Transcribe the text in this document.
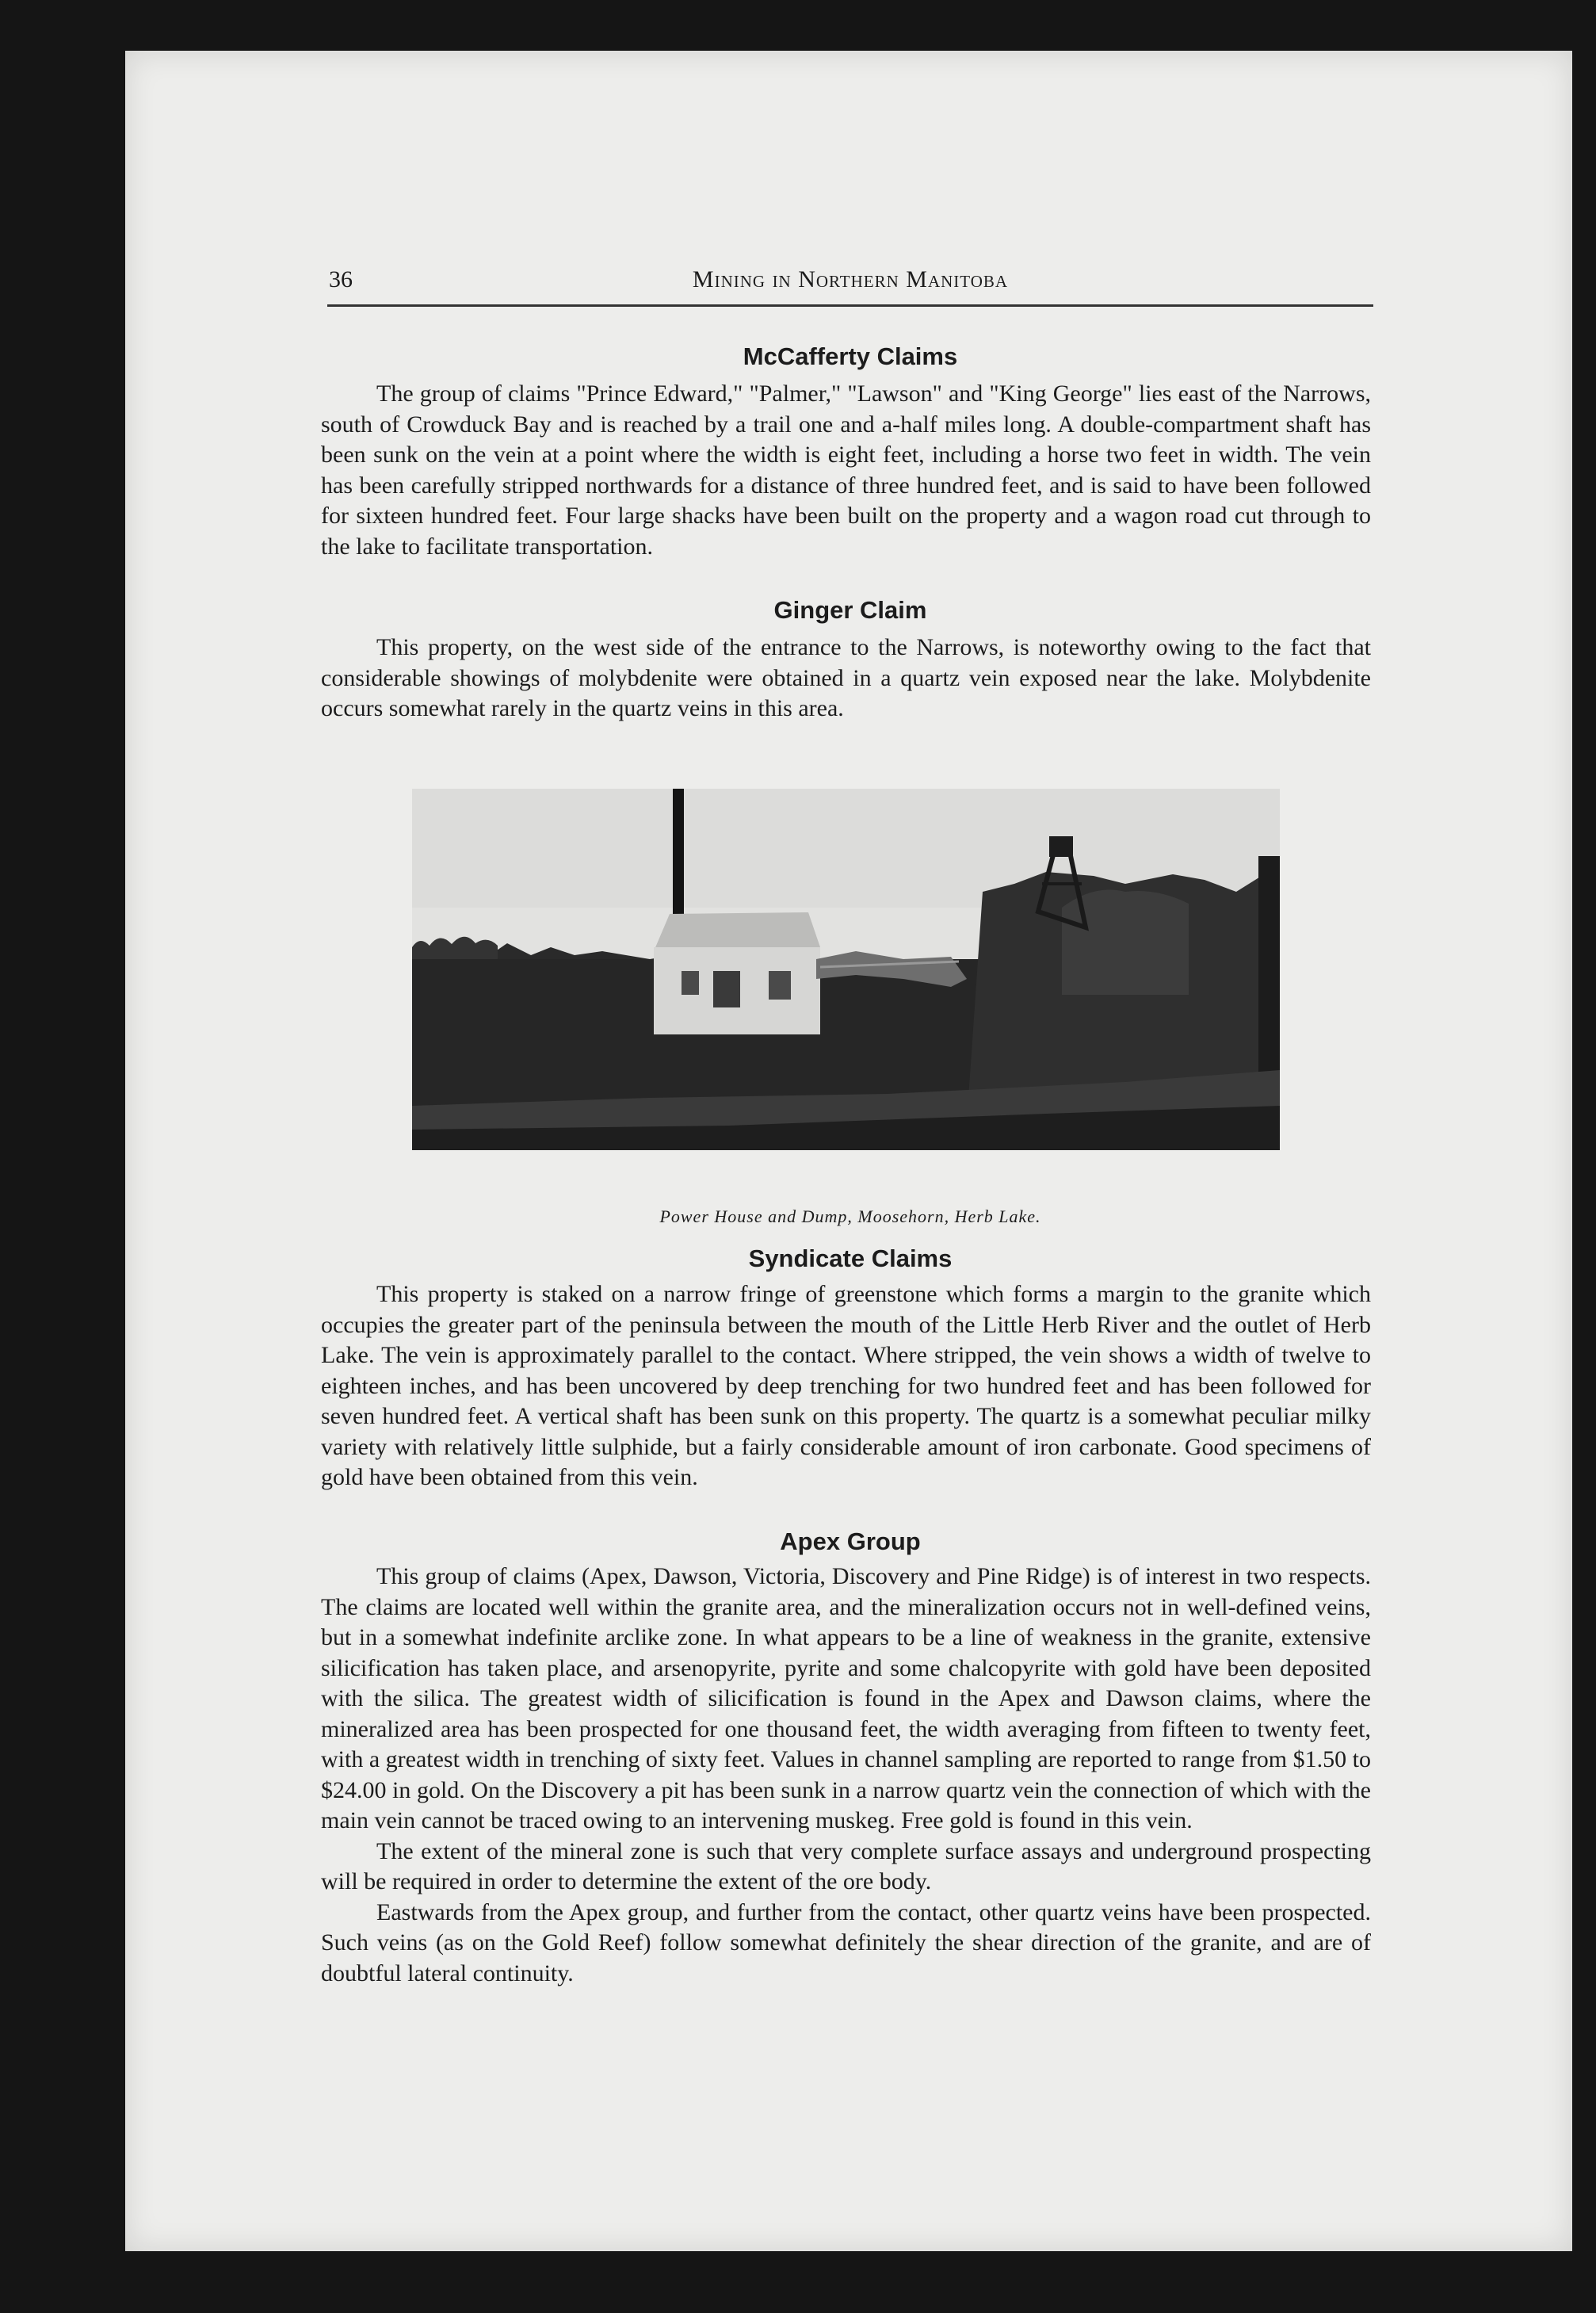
36	Mining in Northern Manitoba
McCafferty Claims

The group of claims "Prince Edward," "Palmer," "Lawson" and "King George" lies east of the Narrows, south of Crowduck Bay and is reached by a trail one and a-half miles long. A double-compartment shaft has been sunk on the vein at a point where the width is eight feet, including a horse two feet in width. The vein has been carefully stripped northwards for a distance of three hundred feet, and is said to have been followed for sixteen hundred feet. Four large shacks have been built on the property and a wagon road cut through to the lake to facilitate transportation.

Ginger Claim

This property, on the west side of the entrance to the Narrows, is noteworthy owing to the fact that considerable showings of molybdenite were obtained in a quartz vein exposed near the lake. Molybdenite occurs somewhat rarely in the quartz veins in this area.

Power House and Dump, Moosehorn, Herb Lake.
Syndicate Claims

This property is staked on a narrow fringe of greenstone which forms a margin to the granite which occupies the greater part of the peninsula between the mouth of the Little Herb River and the outlet of Herb Lake. The vein is approximately parallel to the contact. Where stripped, the vein shows a width of twelve to eighteen inches, and has been uncovered by deep trenching for two hundred feet and has been followed for seven hundred feet. A vertical shaft has been sunk on this property. The quartz is a somewhat peculiar milky variety with relatively little sulphide, but a fairly considerable amount of iron carbonate. Good specimens of gold have been obtained from this vein.

Apex Group

This group of claims (Apex, Dawson, Victoria, Discovery and Pine Ridge) is of interest in two respects. The claims are located well within the granite area, and the mineralization occurs not in well-defined veins, but in a somewhat indefinite arclike zone. In what appears to be a line of weakness in the granite, extensive silicification has taken place, and arsenopyrite, pyrite and some chalcopyrite with gold have been deposited with the silica. The greatest width of silicification is found in the Apex and Dawson claims, where the mineralized area has been prospected for one thousand feet, the width averaging from fifteen to twenty feet, with a greatest width in trenching of sixty feet. Values in channel sampling are reported to range from $1.50 to $24.00 in gold. On the Discovery a pit has been sunk in a narrow quartz vein the connection of which with the main vein cannot be traced owing to an intervening muskeg. Free gold is found in this vein.

The extent of the mineral zone is such that very complete surface assays and underground prospecting will be required in order to determine the extent of the ore body.

Eastwards from the Apex group, and further from the contact, other quartz veins have been prospected. Such veins (as on the Gold Reef) follow somewhat definitely the shear direction of the granite, and are of doubtful lateral continuity.
